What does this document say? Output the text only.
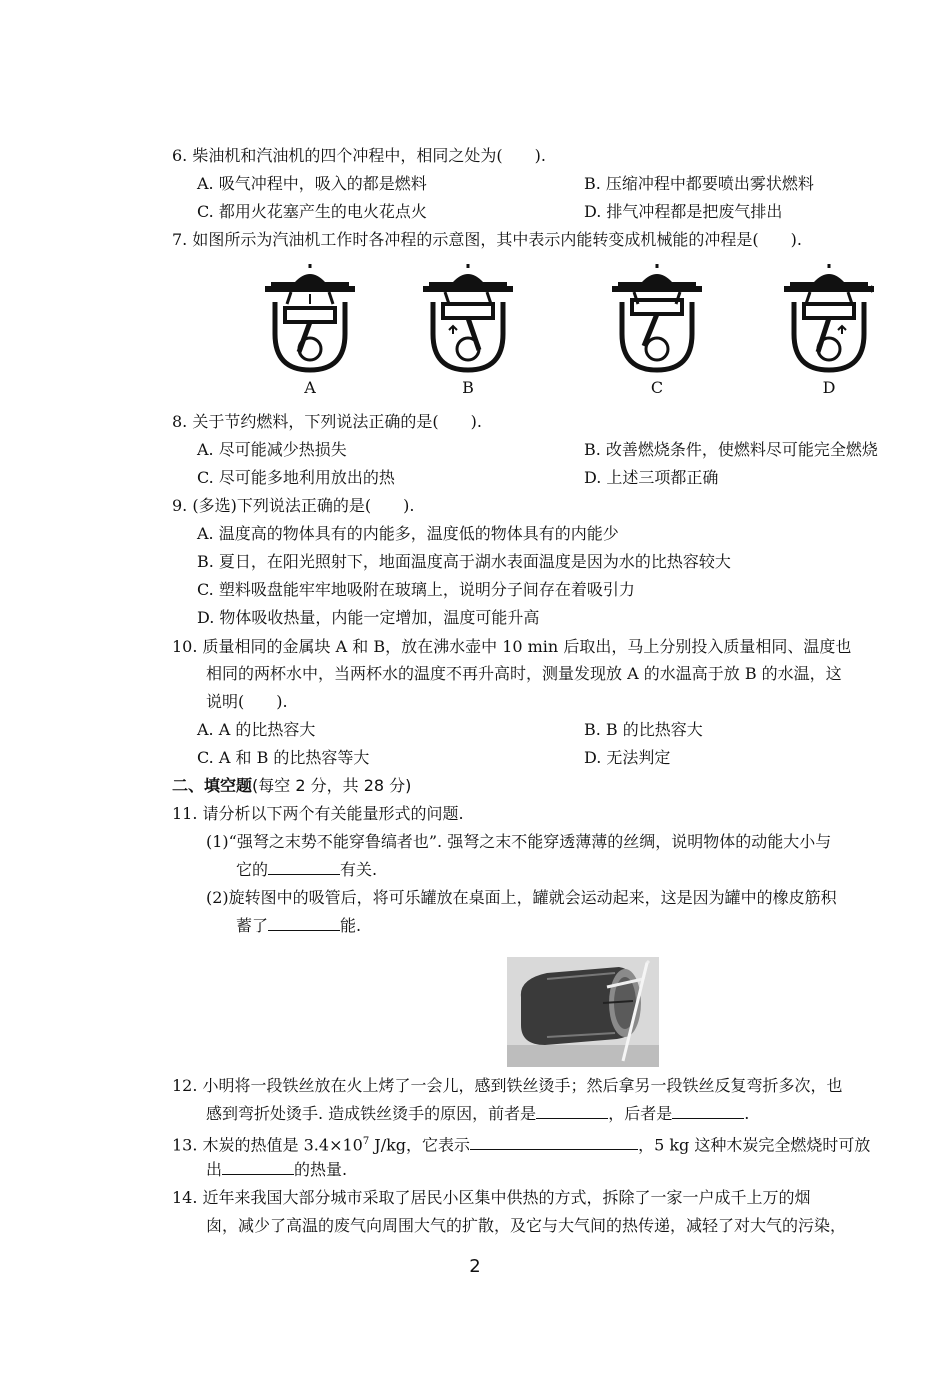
6. 柴油机和汽油机的四个冲程中，相同之处为(　　).
A. 吸气冲程中，吸入的都是燃料	B. 压缩冲程中都要喷出雾状燃料
C. 都用火花塞产生的电火花点火	D. 排气冲程都是把废气排出
7. 如图所示为汽油机工作时各冲程的示意图，其中表示内能转变成机械能的冲程是(　　).
A	B	C	D
8. 关于节约燃料，下列说法正确的是(　　).
A. 尽可能减少热损失	B. 改善燃烧条件，使燃料尽可能完全燃烧
C. 尽可能多地利用放出的热	D. 上述三项都正确
9. (多选)下列说法正确的是(　　).
A. 温度高的物体具有的内能多，温度低的物体具有的内能少
B. 夏日，在阳光照射下，地面温度高于湖水表面温度是因为水的比热容较大
C. 塑料吸盘能牢牢地吸附在玻璃上，说明分子间存在着吸引力
D. 物体吸收热量，内能一定增加，温度可能升高
10. 质量相同的金属块 A 和 B，放在沸水壶中 10 min 后取出，马上分别投入质量相同、温度也
相同的两杯水中，当两杯水的温度不再升高时，测量发现放 A 的水温高于放 B 的水温，这
说明(　　).
A. A 的比热容大	B. B 的比热容大
C. A 和 B 的比热容等大	D. 无法判定
二、填空题(每空 2 分，共 28 分)
11. 请分析以下两个有关能量形式的问题.
(1)“强弩之末势不能穿鲁缟者也”. 强弩之末不能穿透薄薄的丝绸，说明物体的动能大小与
它的	有关.
(2)旋转图中的吸管后，将可乐罐放在桌面上，罐就会运动起来，这是因为罐中的橡皮筋积
蓄了	能.
12. 小明将一段铁丝放在火上烤了一会儿，感到铁丝烫手；然后拿另一段铁丝反复弯折多次，也
感到弯折处烫手. 造成铁丝烫手的原因，前者是	，后者是	.
13. 木炭的热值是 $3.4\times 10^7$ J/kg，它表示	，5 kg 这种木炭完全燃烧时可放
出	的热量.
14. 近年来我国大部分城市采取了居民小区集中供热的方式，拆除了一家一户成千上万的烟
囱，减少了高温的废气向周围大气的扩散，及它与大气间的热传递，减轻了对大气的污染，
2
